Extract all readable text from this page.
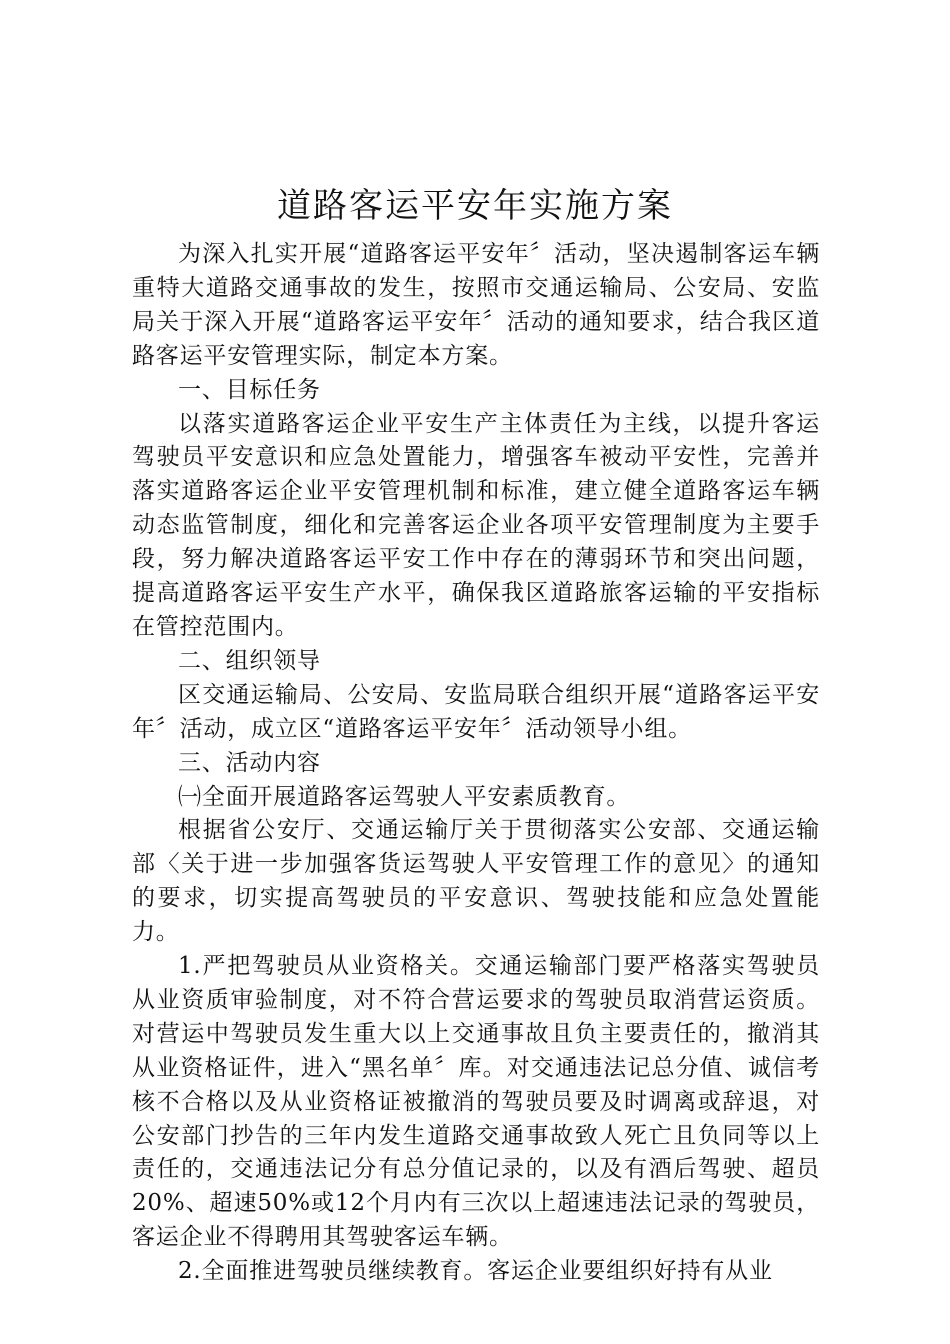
道路客运平安年实施方案

为深入扎实开展“道路客运平安年〞活动，坚决遏制客运车辆重特大道路交通事故的发生，按照市交通运输局、公安局、安监局关于深入开展“道路客运平安年〞活动的通知要求，结合我区道路客运平安管理实际，制定本方案。

一、目标任务

以落实道路客运企业平安生产主体责任为主线，以提升客运驾驶员平安意识和应急处置能力，增强客车被动平安性，完善并落实道路客运企业平安管理机制和标准，建立健全道路客运车辆动态监管制度，细化和完善客运企业各项平安管理制度为主要手段，努力解决道路客运平安工作中存在的薄弱环节和突出问题，提高道路客运平安生产水平，确保我区道路旅客运输的平安指标在管控范围内。

二、组织领导

区交通运输局、公安局、安监局联合组织开展“道路客运平安年〞活动，成立区“道路客运平安年〞活动领导小组。

三、活动内容

㈠全面开展道路客运驾驶人平安素质教育。

根据省公安厅、交通运输厅关于贯彻落实公安部、交通运输部〈关于进一步加强客货运驾驶人平安管理工作的意见〉的通知的要求，切实提高驾驶员的平安意识、驾驶技能和应急处置能力。

1.严把驾驶员从业资格关。交通运输部门要严格落实驾驶员从业资质审验制度，对不符合营运要求的驾驶员取消营运资质。对营运中驾驶员发生重大以上交通事故且负主要责任的，撤消其从业资格证件，进入“黑名单〞库。对交通违法记总分值、诚信考核不合格以及从业资格证被撤消的驾驶员要及时调离或辞退，对公安部门抄告的三年内发生道路交通事故致人死亡且负同等以上责任的，交通违法记分有总分值记录的，以及有酒后驾驶、超员20%、超速50%或12个月内有三次以上超速违法记录的驾驶员，客运企业不得聘用其驾驶客运车辆。

2.全面推进驾驶员继续教育。客运企业要组织好持有从业
